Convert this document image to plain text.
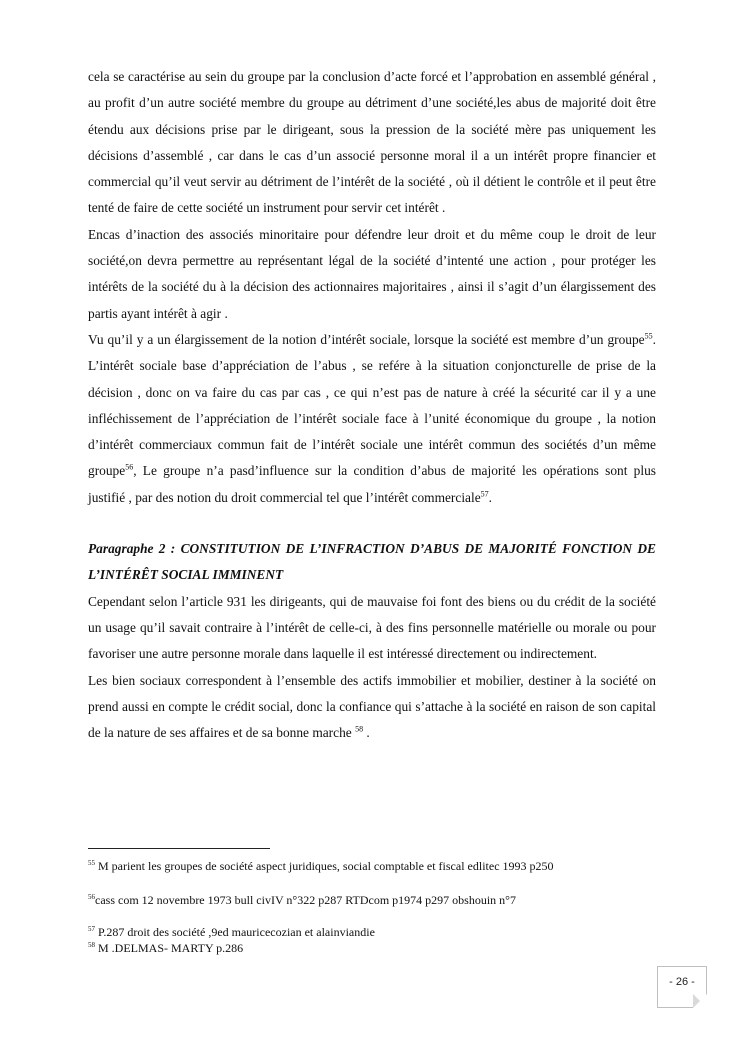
cela se caractérise au sein du groupe par la conclusion d’acte forcé et l’approbation en assemblé général , au profit d’un autre société membre du groupe au détriment d’une société,les abus de majorité doit être étendu aux décisions prise par le dirigeant, sous la pression de la société mère pas uniquement les décisions d’assemblé , car dans le cas d’un associé personne moral il a un intérêt propre financier et commercial qu’il veut servir au détriment de l’intérêt de la société , où il détient le contrôle et il peut être tenté de faire de cette société un instrument pour servir cet intérêt .

Encas d’inaction des associés minoritaire pour défendre leur droit et du même coup le droit de leur société,on devra permettre au représentant légal de la société d’intenté une action , pour protéger les intérêts de la société du à la décision des actionnaires majoritaires , ainsi il s’agit d’un élargissement des partis ayant intérêt à agir .

Vu qu’il y a un élargissement de la notion d’intérêt sociale, lorsque la société est membre d’un groupe$^{55}$. L’intérêt sociale base d’appréciation de l’abus , se refére à la situation conjoncturelle de prise de la décision , donc on va faire du cas par cas , ce qui n’est pas de nature à créé la sécurité car il y a une infléchissement de l’appréciation de l’intérêt sociale face à l’unité économique du groupe , la notion d’intérêt commerciaux commun fait de l’intérêt sociale une intérêt commun des sociétés d’un même groupe$^{56}$, Le groupe n’a pasd’influence sur la condition d’abus de majorité les opérations sont plus justifié , par des notion du droit commercial tel que l’intérêt commerciale$^{57}$.

Paragraphe 2 : CONSTITUTION DE L’INFRACTION D’ABUS DE MAJORITÉ FONCTION DE L’INTÉRÊT SOCIAL IMMINENT

Cependant selon l’article 931 les dirigeants, qui de mauvaise foi font des biens ou du crédit de la société un usage qu’il savait contraire à l’intérêt de celle-ci, à des fins personnelle matérielle ou morale ou pour favoriser une autre personne morale dans laquelle il est intéressé directement ou indirectement.

Les bien sociaux correspondent à l’ensemble des actifs immobilier et mobilier, destiner à la société on prend aussi en compte le crédit social, donc la confiance qui s’attache à la société en raison de son capital de la nature de ses affaires et de sa bonne marche $^{58}$ .

$^{55}$ M parient les groupes de société aspect juridiques, social comptable et fiscal edlitec 1993 p250
$^{56}$cass com 12 novembre 1973 bull civIV n°322 p287 RTDcom p1974 p297 obshouin n°7
$^{57}$ P.287 droit des société ,9ed mauricecozian et alainviandie
$^{58}$ M .DELMAS- MARTY p.286
- 26 -
